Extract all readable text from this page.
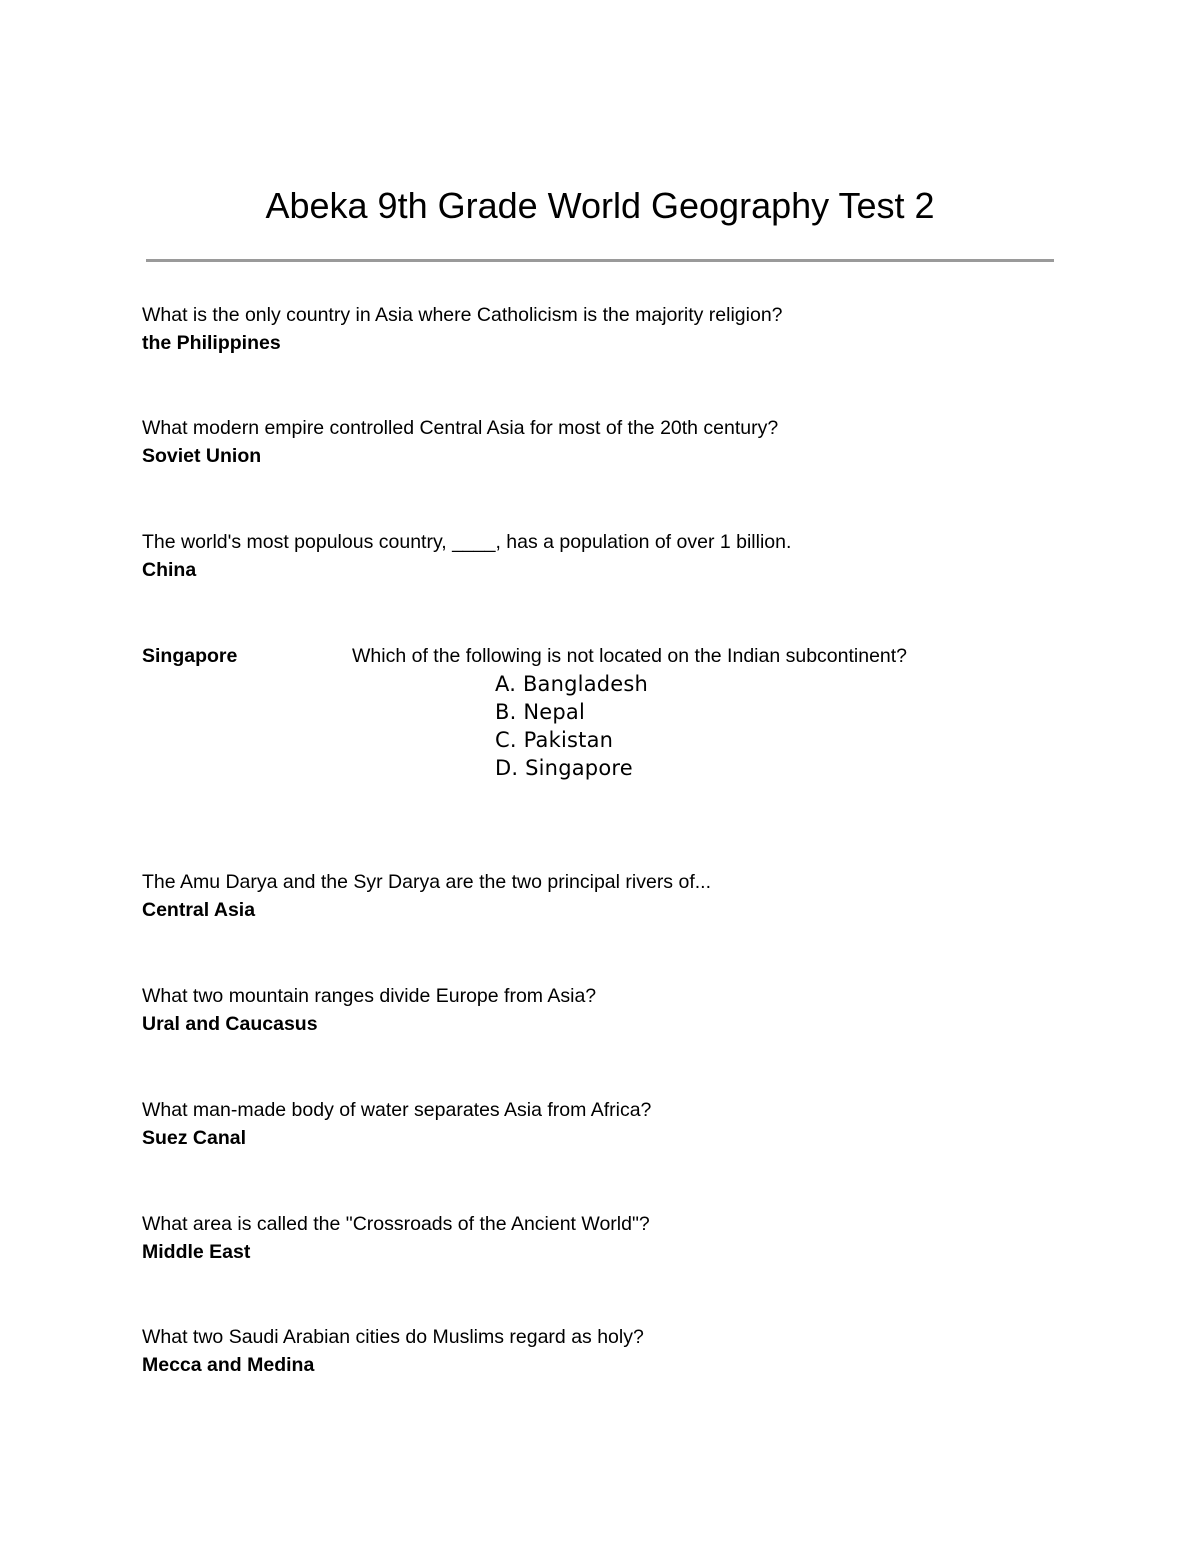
Abeka 9th Grade World Geography Test 2
What is the only country in Asia where Catholicism is the majority religion?
the Philippines
What modern empire controlled Central Asia for most of the 20th century?
Soviet Union
The world's most populous country, ____, has a population of over 1 billion.
China
Singapore	Which of the following is not located on the Indian subcontinent?
A. Bangladesh
B. Nepal
C. Pakistan
D. Singapore
The Amu Darya and the Syr Darya are the two principal rivers of...
Central Asia
What two mountain ranges divide Europe from Asia?
Ural and Caucasus
What man-made body of water separates Asia from Africa?
Suez Canal
What area is called the "Crossroads of the Ancient World"?
Middle East
What two Saudi Arabian cities do Muslims regard as holy?
Mecca and Medina
